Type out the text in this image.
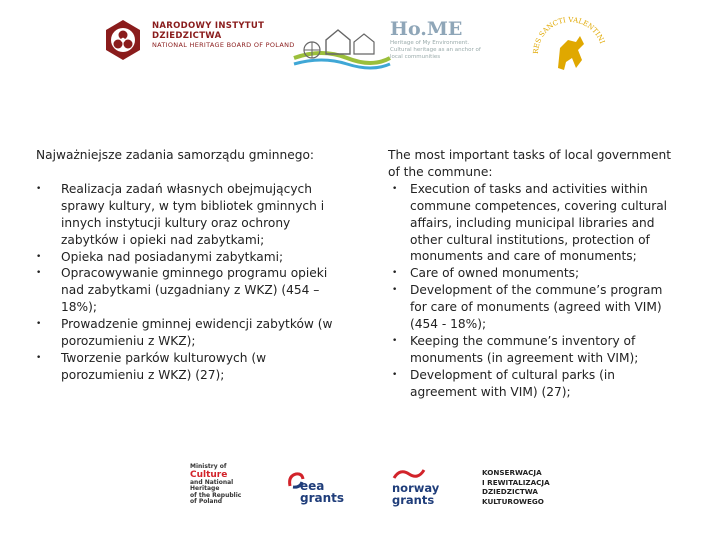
NARODOWY INSTYTUT
DZIEDZICTWA
NATIONAL HERITAGE BOARD OF POLAND
Ho.ME
Heritage of My Environment. Cultural heritage as an anchor of local communities
RES SANCTI VALENTINI
Najważniejsze zadania samorządu gminnego:
• Realizacja zadań własnych obejmujących sprawy kultury, w tym bibliotek gminnych i innych instytucji kultury oraz ochrony zabytków i opieki nad zabytkami;
• Opieka nad posiadanymi zabytkami;
• Opracowywanie gminnego programu opieki nad zabytkami (uzgadniany z WKZ) (454 – 18%);
• Prowadzenie gminnej ewidencji zabytków (w porozumieniu z WKZ);
• Tworzenie parków kulturowych (w porozumieniu z WKZ) (27);
The most important tasks of local government of the commune:
• Execution of tasks and activities within commune competences, covering cultural affairs, including municipal libraries and other cultural institutions, protection of monuments and care of monuments;
• Care of owned monuments;
• Development of the commune’s program for care of monuments (agreed with VIM) (454 - 18%);
• Keeping the commune’s inventory of monuments (in agreement with VIM);
• Development of cultural parks (in agreement with VIM) (27);
Ministry of
Culture
and National
Heritage
of the Republic
of Poland
eea grants
norway grants
KONSERWACJA
I REWITALIZACJA
DZIEDZICTWA
KULTUROWEGO
